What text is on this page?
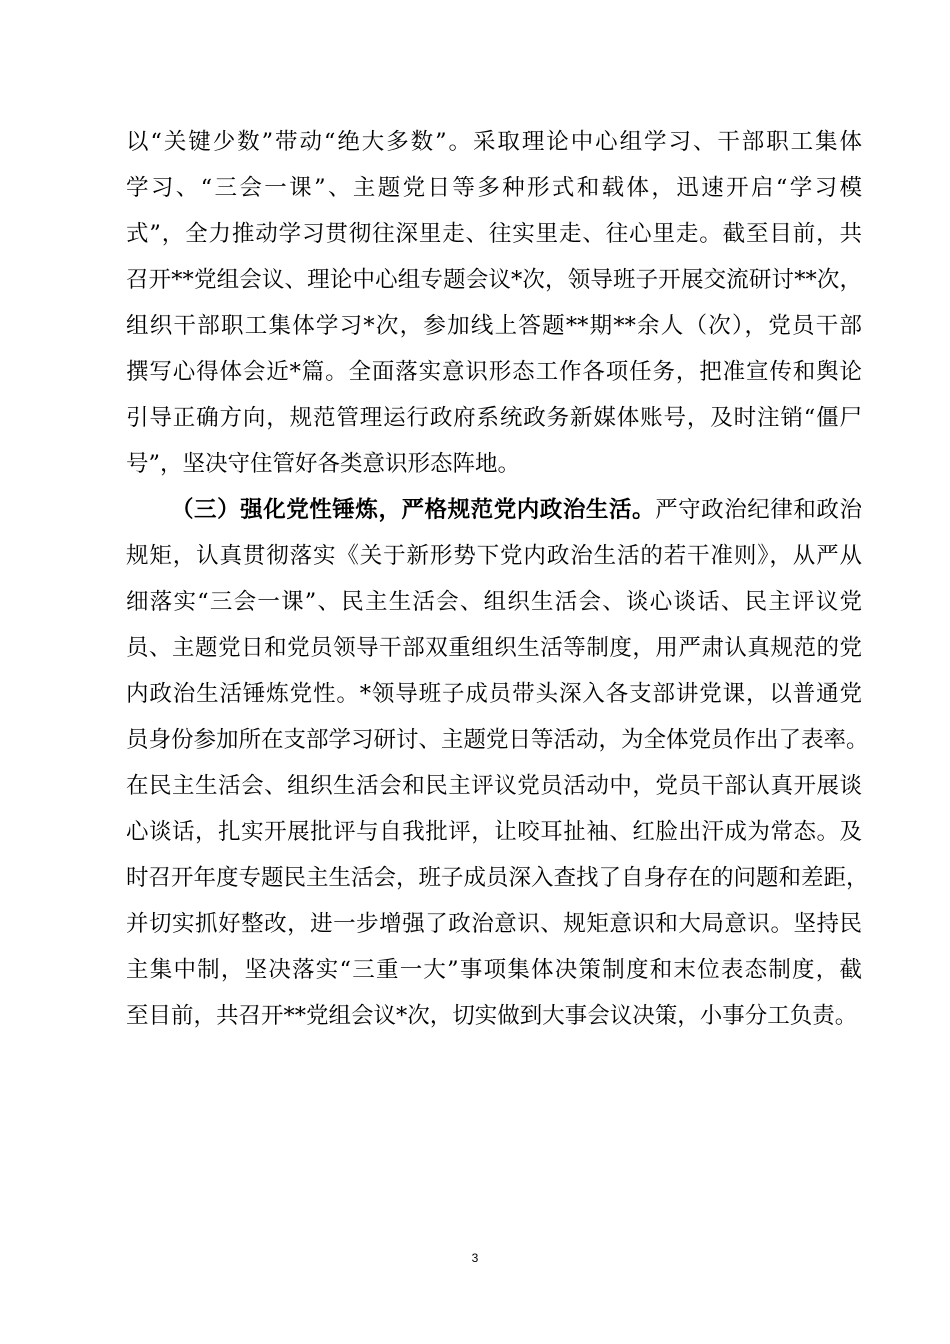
以“关键少数”带动“绝大多数”。采取理论中心组学习、干部职工集体
学习、“三会一课”、主题党日等多种形式和载体，迅速开启“学习模
式”，全力推动学习贯彻往深里走、往实里走、往心里走。截至目前，共
召开**党组会议、理论中心组专题会议*次，领导班子开展交流研讨**次，
组织干部职工集体学习*次，参加线上答题**期**余人（次），党员干部
撰写心得体会近*篇。全面落实意识形态工作各项任务，把准宣传和舆论
引导正确方向，规范管理运行政府系统政务新媒体账号，及时注销“僵尸
号”，坚决守住管好各类意识形态阵地。
（三）强化党性锤炼，严格规范党内政治生活。严守政治纪律和政治
规矩，认真贯彻落实《关于新形势下党内政治生活的若干准则》，从严从
细落实“三会一课”、民主生活会、组织生活会、谈心谈话、民主评议党
员、主题党日和党员领导干部双重组织生活等制度，用严肃认真规范的党
内政治生活锤炼党性。*领导班子成员带头深入各支部讲党课，以普通党
员身份参加所在支部学习研讨、主题党日等活动，为全体党员作出了表率。
在民主生活会、组织生活会和民主评议党员活动中，党员干部认真开展谈
心谈话，扎实开展批评与自我批评，让咬耳扯袖、红脸出汗成为常态。及
时召开年度专题民主生活会，班子成员深入查找了自身存在的问题和差距，
并切实抓好整改，进一步增强了政治意识、规矩意识和大局意识。坚持民
主集中制，坚决落实“三重一大”事项集体决策制度和末位表态制度，截
至目前，共召开**党组会议*次，切实做到大事会议决策，小事分工负责。
3
